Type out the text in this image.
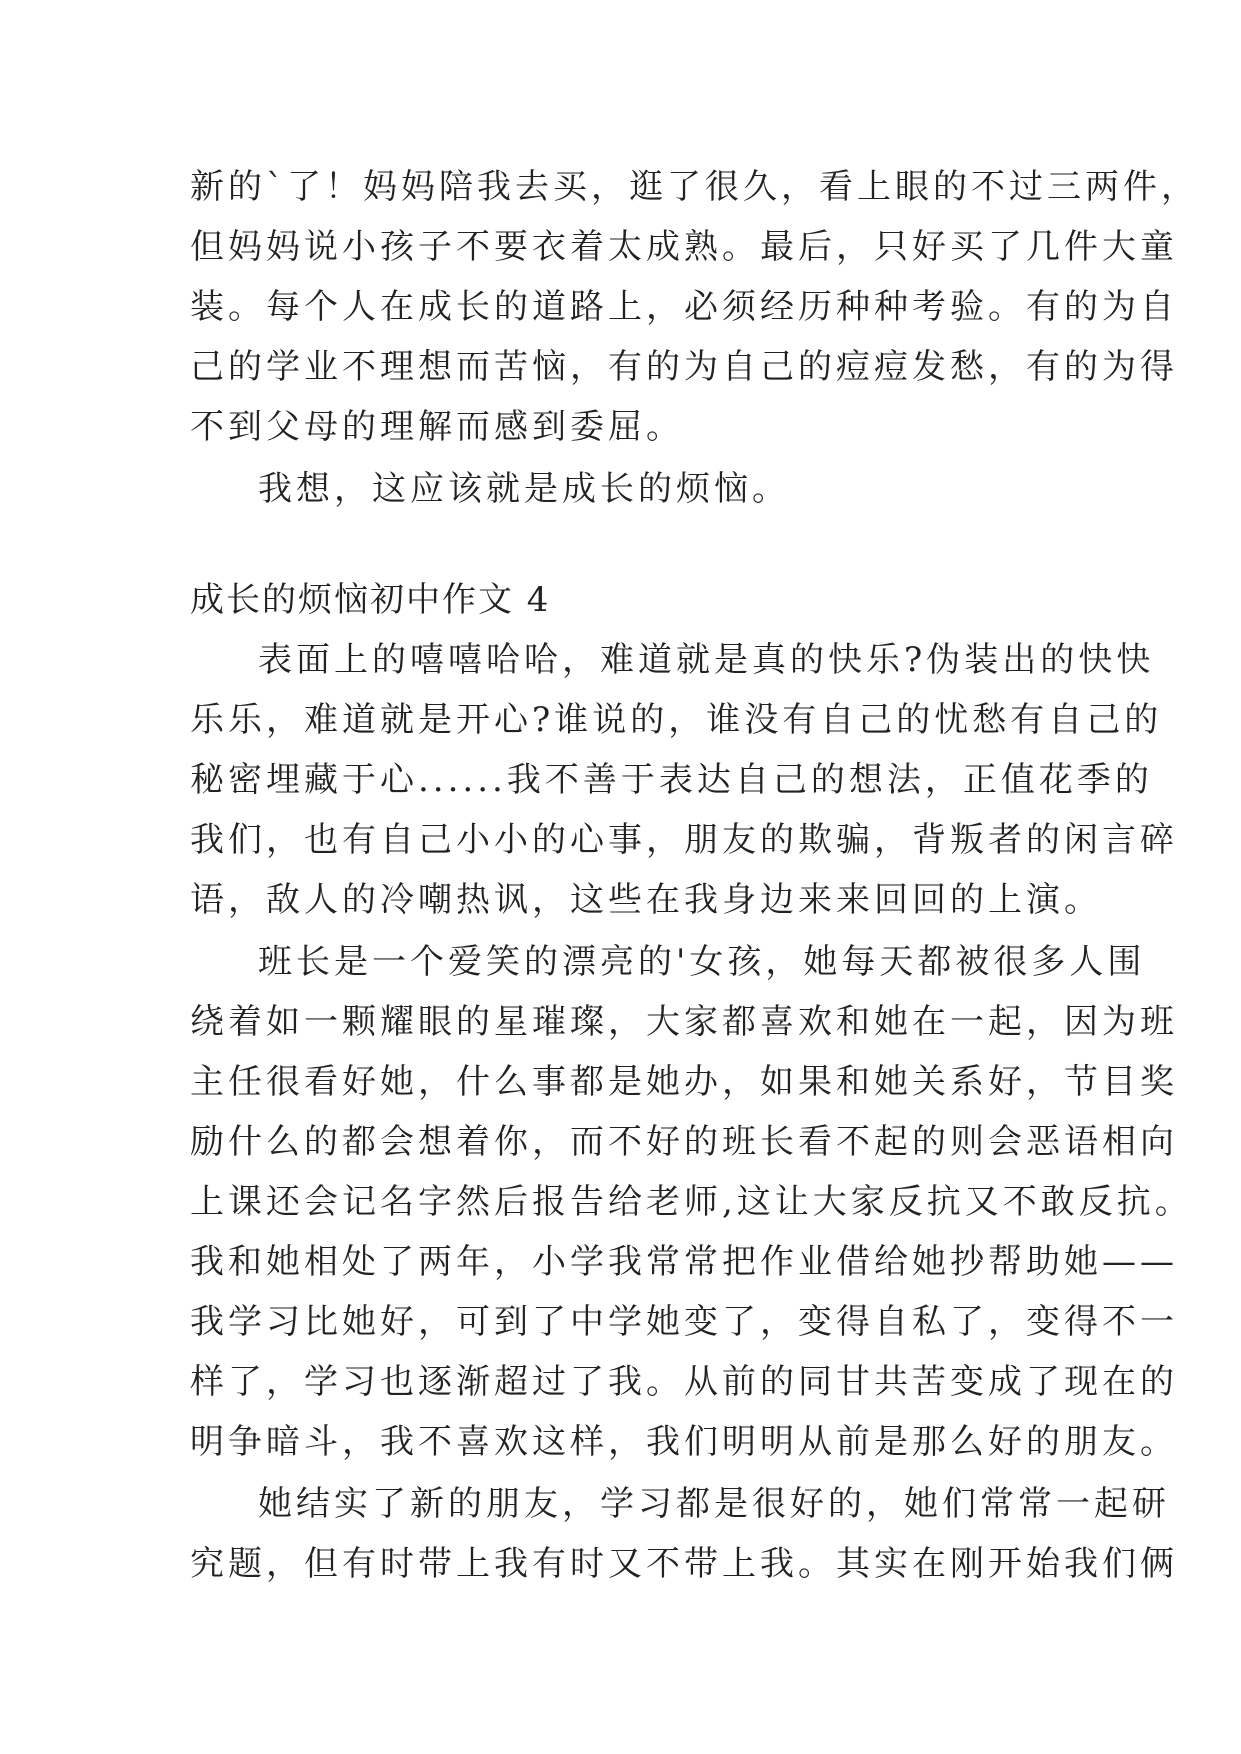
新的`了！妈妈陪我去买，逛了很久，看上眼的不过三两件，
但妈妈说小孩子不要衣着太成熟。最后，只好买了几件大童
装。每个人在成长的道路上，必须经历种种考验。有的为自
己的学业不理想而苦恼，有的为自己的痘痘发愁，有的为得
不到父母的理解而感到委屈。
我想，这应该就是成长的烦恼。
成长的烦恼初中作文 4
表面上的嘻嘻哈哈，难道就是真的快乐?伪装出的快快
乐乐，难道就是开心?谁说的，谁没有自己的忧愁有自己的
秘密埋藏于心......我不善于表达自己的想法，正值花季的
我们，也有自己小小的心事，朋友的欺骗，背叛者的闲言碎
语，敌人的冷嘲热讽，这些在我身边来来回回的上演。
班长是一个爱笑的漂亮的'女孩，她每天都被很多人围
绕着如一颗耀眼的星璀璨，大家都喜欢和她在一起，因为班
主任很看好她，什么事都是她办，如果和她关系好，节目奖
励什么的都会想着你，而不好的班长看不起的则会恶语相向
上课还会记名字然后报告给老师,这让大家反抗又不敢反抗。
我和她相处了两年，小学我常常把作业借给她抄帮助她——
我学习比她好，可到了中学她变了，变得自私了，变得不一
样了，学习也逐渐超过了我。从前的同甘共苦变成了现在的
明争暗斗，我不喜欢这样，我们明明从前是那么好的朋友。
她结实了新的朋友，学习都是很好的，她们常常一起研
究题，但有时带上我有时又不带上我。其实在刚开始我们俩
